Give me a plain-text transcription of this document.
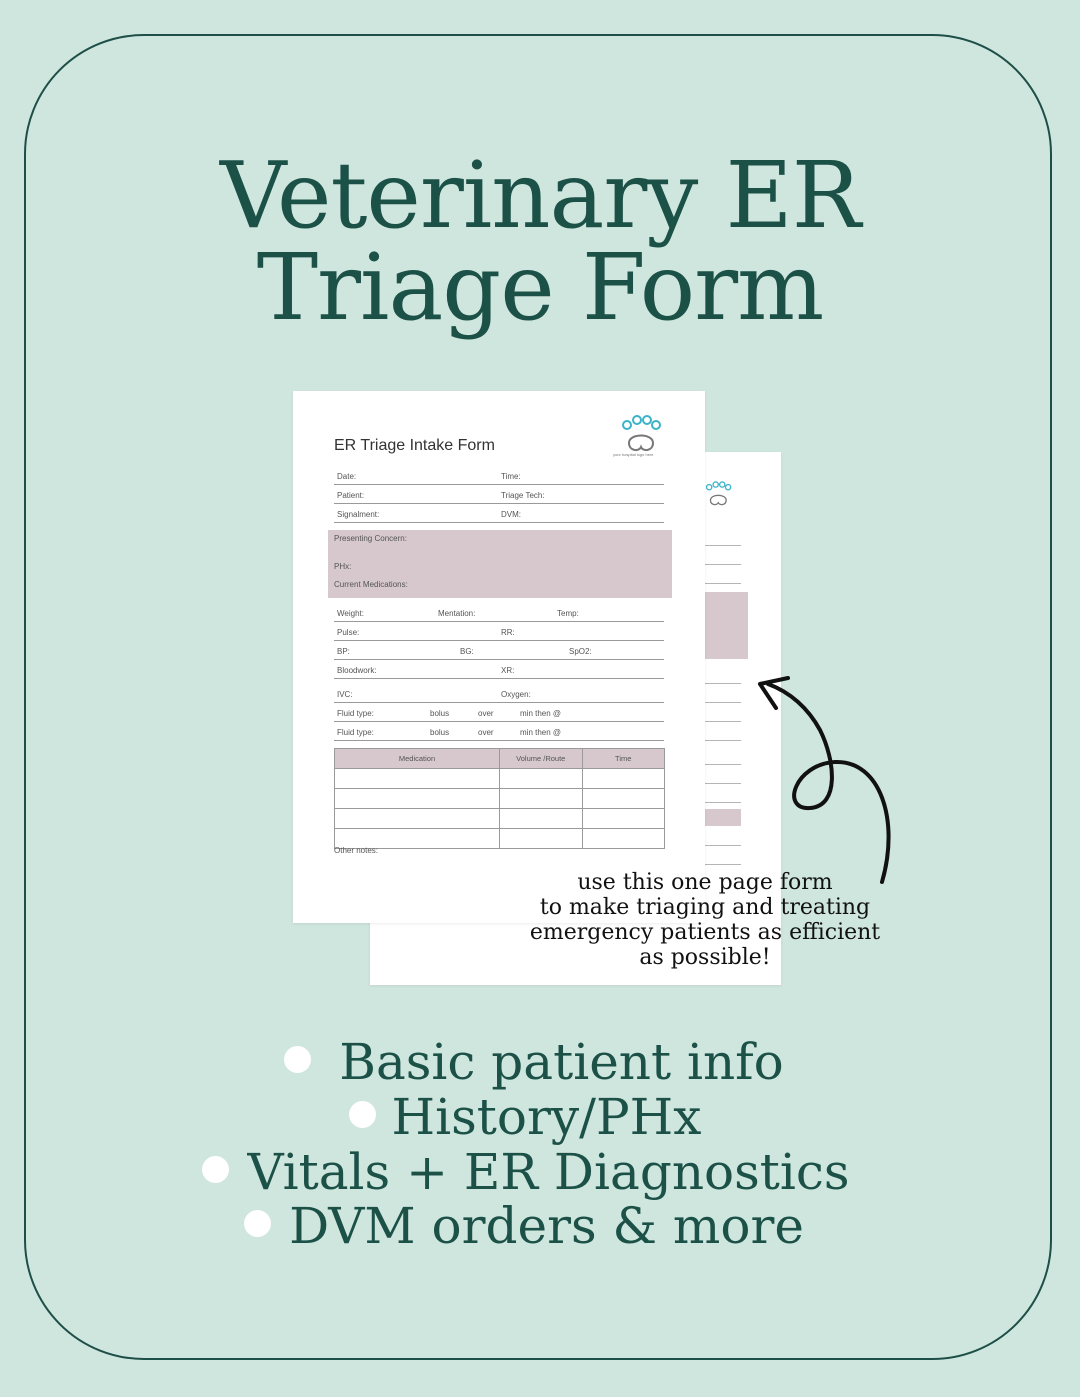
Veterinary ER
Triage Form
ER Triage Intake Form
your hospital logo here
Date:	Time:
Patient:	Triage Tech:
Signalment:	DVM:
Presenting Concern:
PHx:
Current Medications:
Weight:	Mentation:	Temp:
Pulse:	RR:
BP:	BG:	SpO2:
Bloodwork:	XR:
IVC:	Oxygen:
Fluid type:	bolus	over	min then @
Fluid type:	bolus	over	min then @
Medication	Volume /Route	Time

Other notes:
use this one page form
to make triaging and treating
emergency patients as efficient
as possible!
Basic patient info
History/PHx
Vitals + ER Diagnostics
DVM orders & more
